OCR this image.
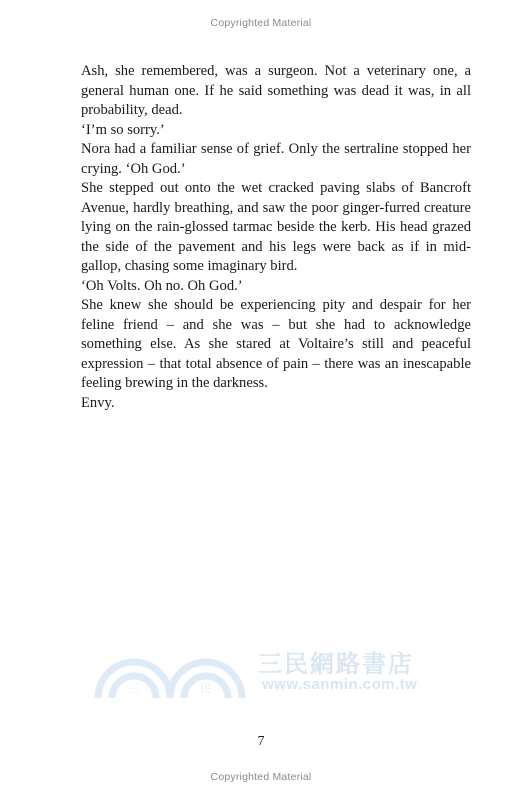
Copyrighted Material

Ash, she remembered, was a surgeon. Not a veterinary one, a general human one. If he said something was dead it was, in all probability, dead.

‘I’m so sorry.’

Nora had a familiar sense of grief. Only the sertraline stopped her crying. ‘Oh God.’

She stepped out onto the wet cracked paving slabs of Bancroft Avenue, hardly breathing, and saw the poor ginger-furred creature lying on the rain-glossed tarmac beside the kerb. His head grazed the side of the pavement and his legs were back as if in mid-gallop, chasing some imaginary bird.

‘Oh Volts. Oh no. Oh God.’

She knew she should be experiencing pity and despair for her feline friend – and she was – but she had to acknowledge something else. As she stared at Voltaire’s still and peaceful expression – that total absence of pain – there was an inescapable feeling brewing in the darkness.

Envy.

三	民
三民網路書店
www.sanmin.com.tw
7
Copyrighted Material
